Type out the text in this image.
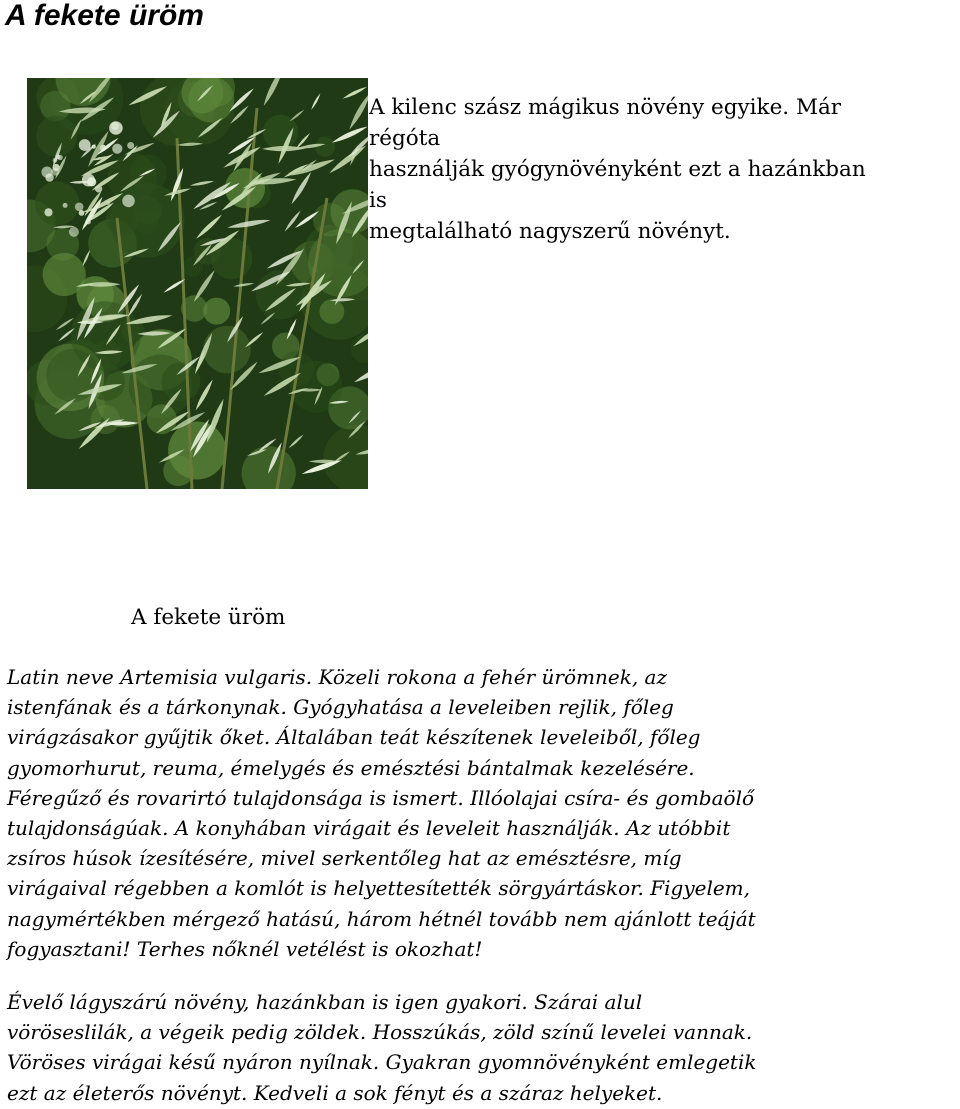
A fekete üröm

A kilenc szász mágikus növény egyike. Már
régóta
használják gyógynövényként ezt a hazánkban
is
megtalálható nagyszerű növényt.

A fekete üröm

Latin neve Artemisia vulgaris. Közeli rokona a fehér ürömnek, az
istenfának és a tárkonynak. Gyógyhatása a leveleiben rejlik, főleg
virágzásakor gyűjtik őket. Általában teát készítenek leveleiből, főleg
gyomorhurut, reuma, émelygés és emésztési bántalmak kezelésére.
Féregűző és rovarirtó tulajdonsága is ismert. Illóolajai csíra- és gombaölő
tulajdonságúak. A konyhában virágait és leveleit használják. Az utóbbit
zsíros húsok ízesítésére, mivel serkentőleg hat az emésztésre, míg
virágaival régebben a komlót is helyettesítették sörgyártáskor. Figyelem,
nagymértékben mérgező hatású, három hétnél tovább nem ajánlott teáját
fogyasztani! Terhes nőknél vetélést is okozhat!

Évelő lágyszárú növény, hazánkban is igen gyakori. Szárai alul
vöröseslilák, a végeik pedig zöldek. Hosszúkás, zöld színű levelei vannak.
Vöröses virágai késű nyáron nyílnak. Gyakran gyomnövényként emlegetik
ezt az életerős növényt. Kedveli a sok fényt és a száraz helyeket.
